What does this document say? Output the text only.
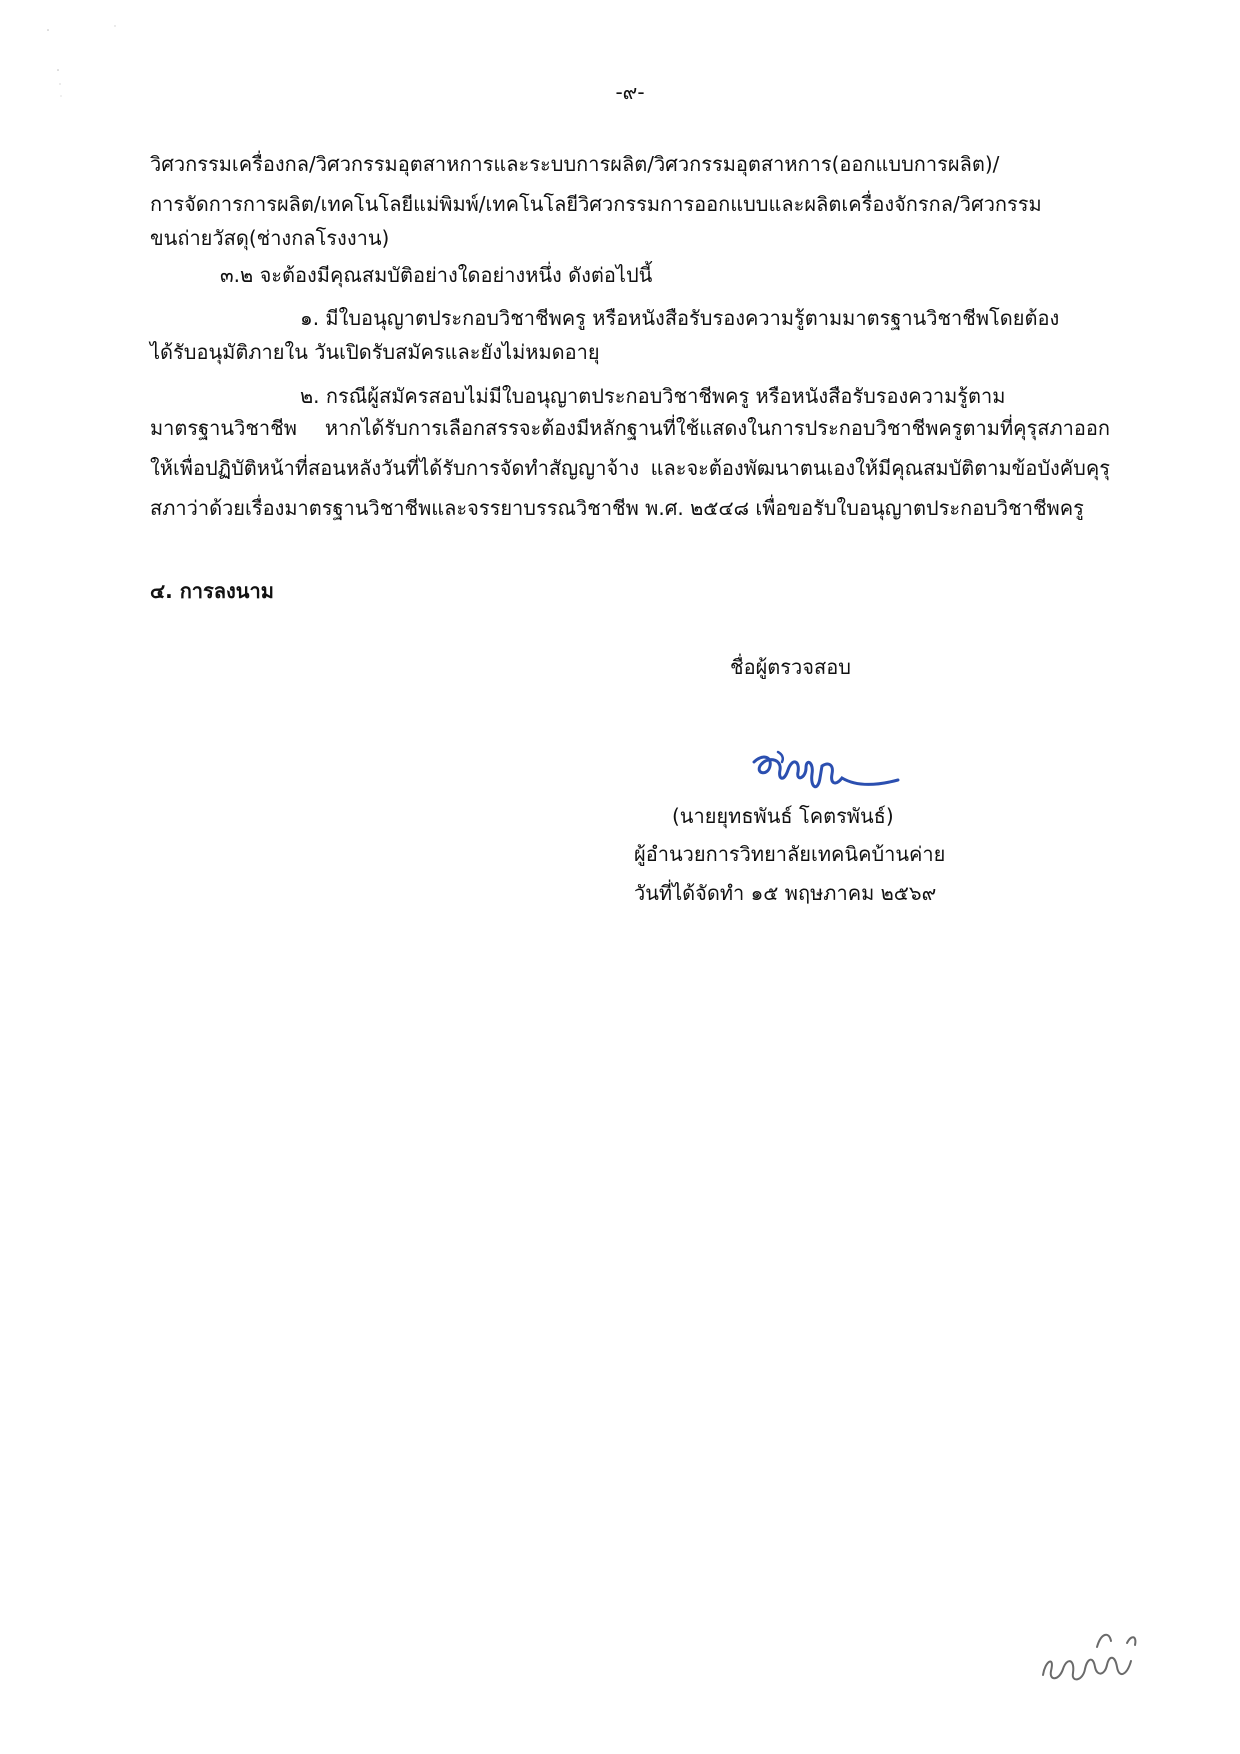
-๙-
วิศวกรรมเครื่องกล/วิศวกรรมอุตสาหการและระบบการผลิต/วิศวกรรมอุตสาหการ(ออกแบบการผลิต)/
การจัดการการผลิต/เทคโนโลยีแม่พิมพ์/เทคโนโลยีวิศวกรรมการออกแบบและผลิตเครื่องจักรกล/วิศวกรรม
ขนถ่ายวัสดุ(ช่างกลโรงงาน)
๓.๒ จะต้องมีคุณสมบัติอย่างใดอย่างหนึ่ง ดังต่อไปนี้
๑. มีใบอนุญาตประกอบวิชาชีพครู หรือหนังสือรับรองความรู้ตามมาตรฐานวิชาชีพโดยต้อง
ได้รับอนุมัติภายใน วันเปิดรับสมัครและยังไม่หมดอายุ
๒. กรณีผู้สมัครสอบไม่มีใบอนุญาตประกอบวิชาชีพครู หรือหนังสือรับรองความรู้ตาม
มาตรฐานวิชาชีพ หากได้รับการเลือกสรรจะต้องมีหลักฐานที่ใช้แสดงในการประกอบวิชาชีพครูตามที่คุรุสภาออกให้เพื่อปฏิบัติหน้าที่สอนหลังวันที่ได้รับการจัดทำสัญญาจ้าง และจะต้องพัฒนาตนเองให้มีคุณสมบัติตามข้อบังคับคุรุสภาว่าด้วยเรื่องมาตรฐานวิชาชีพและจรรยาบรรณวิชาชีพ พ.ศ. ๒๕๔๘ เพื่อขอรับใบอนุญาตประกอบวิชาชีพครู
๔. การลงนาม
ชื่อผู้ตรวจสอบ
(นายยุทธพันธ์ โคตรพันธ์)
ผู้อำนวยการวิทยาลัยเทคนิคบ้านค่าย
วันที่ได้จัดทำ ๑๕ พฤษภาคม ๒๕๖๙
